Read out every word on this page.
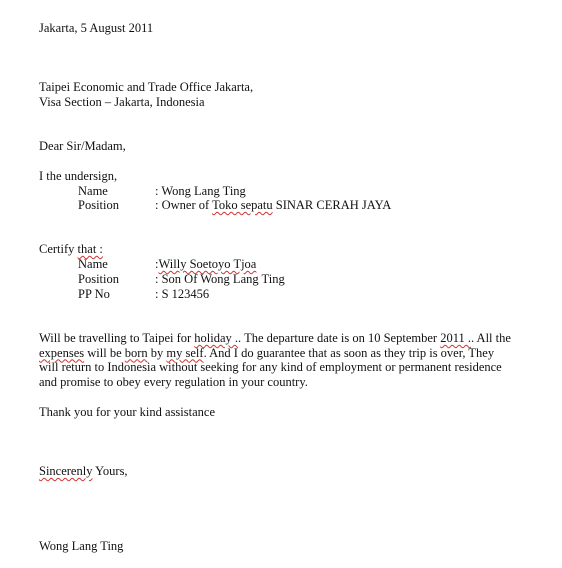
Jakarta, 5 August 2011
Taipei Economic and Trade Office Jakarta,
Visa Section – Jakarta, Indonesia
Dear Sir/Madam,
I the undersign,
Name	: Wong Lang Ting
Position	: Owner of Toko sepatu SINAR CERAH JAYA
Certify that :
Name	:Willy Soetoyo Tjoa
Position	: Son Of Wong Lang Ting
PP No	: S 123456
Will be travelling to Taipei for holiday .. The departure date is on 10 September 2011 .. All the
expenses will be born by my self. And I do guarantee that as soon as they trip is over, They
will return to Indonesia without seeking for any kind of employment or permanent residence
and promise to obey every regulation in your country.
Thank you for your kind assistance
Sincerenly Yours,
Wong Lang Ting
